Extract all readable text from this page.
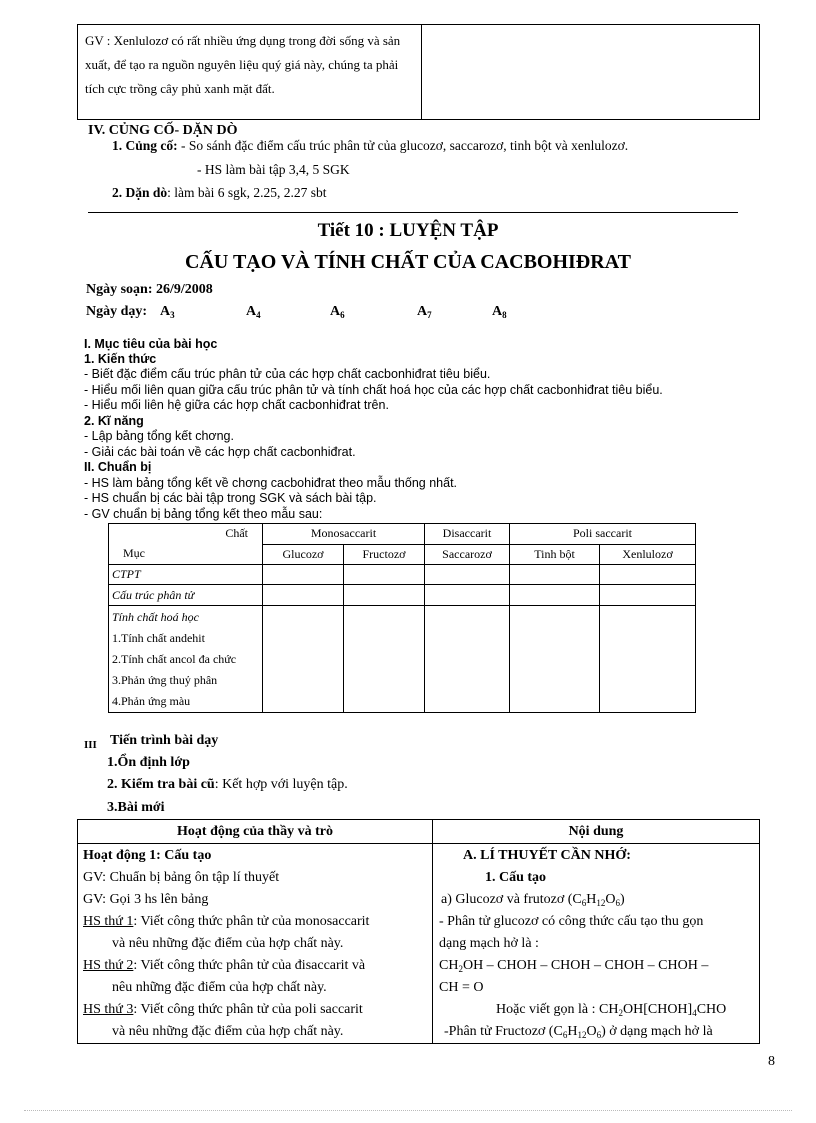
GV : Xenlulozơ có rất nhiều ứng dụng trong đời sống và sản xuất, để tạo ra nguồn nguyên liệu quý giá này, chúng ta phải tích cực trồng cây phủ xanh mặt đất.
IV. CỦNG CỐ- DẶN DÒ
1. Củng cố: - So sánh đặc điểm cấu trúc phân tử của glucozơ, saccarozơ, tinh bột và xenlulozơ.
- HS làm bài tập 3,4, 5 SGK
2. Dặn dò: làm bài 6 sgk, 2.25, 2.27 sbt
Tiết 10 : LUYỆN TẬP
CẤU TẠO VÀ TÍNH CHẤT CỦA CACBOHIĐRAT
Ngày soạn: 26/9/2008
Ngày dạy: $A_3$	$A_4$	$A_6$	$A_7$	$A_8$
I. Mục tiêu của bài học
1. Kiến thức
- Biết đặc điểm cấu trúc phân tử của các hợp chất cacbonhiđrat tiêu biểu.
- Hiểu mối liên quan giữa cấu trúc phân tử và tính chất hoá học của các hợp chất cacbonhiđrat tiêu biểu.
- Hiểu mối liên hệ giữa các hợp chất cacbonhiđrat trên.
2. Kĩ năng
- Lập bảng tổng kết chơng.
- Giải các bài toán về các hợp chất cacbonhiđrat.
II. Chuẩn bị
- HS làm bảng tổng kết về chơng cacbohiđrat theo mẫu thống nhất.
- HS chuẩn bị các bài tập trong SGK và sách bài tập.
- GV chuẩn bị bảng tổng kết theo mẫu sau:
Chất
Mục	Monosaccarit		Disaccarit	Poli saccarit	
	Glucozơ	Fructozơ	Saccarozơ	Tinh bột	Xenlulozơ
CTPT					
Cấu trúc phân tử					

Tính chất hoá học
1.Tính chất andehit
2.Tính chất ancol đa chức
3.Phản ứng thuỷ phân
4.Phản ứng màu					

III Tiến trình bài dạy
1.Ổn định lớp
2. Kiểm tra bài cũ: Kết hợp với luyện tập.
3.Bài mới
Hoạt động của thầy và trò	Nội dung
Hoạt động 1: Cấu tạo
GV: Chuẩn bị bảng ôn tập lí thuyết
GV: Gọi 3 hs lên bảng
HS thứ 1: Viết công thức phân tử của monosaccarit
và nêu những đặc điểm của hợp chất này.
HS thứ 2: Viết công thức phân tử của đisaccarit và
nêu những đặc điểm của hợp chất này.
HS thứ 3: Viết công thức phân tử của poli saccarit
và nêu những đặc điểm của hợp chất này.
A. LÍ THUYẾT CẦN NHỚ:
1. Cấu tạo
a) Glucozơ và frutozơ $(C_6H_{12}O_6)$
- Phân tử glucozơ có công thức cấu tạo thu gọn
dạng mạch hở là :
$CH_2OH$ – CHOH – CHOH – CHOH – CHOH –
CH = O
Hoặc viết gọn là : $CH_2OH[CHOH]_4CHO$
-Phân tử Fructozơ $(C_6H_{12}O_6)$ ở dạng mạch hở là
8
